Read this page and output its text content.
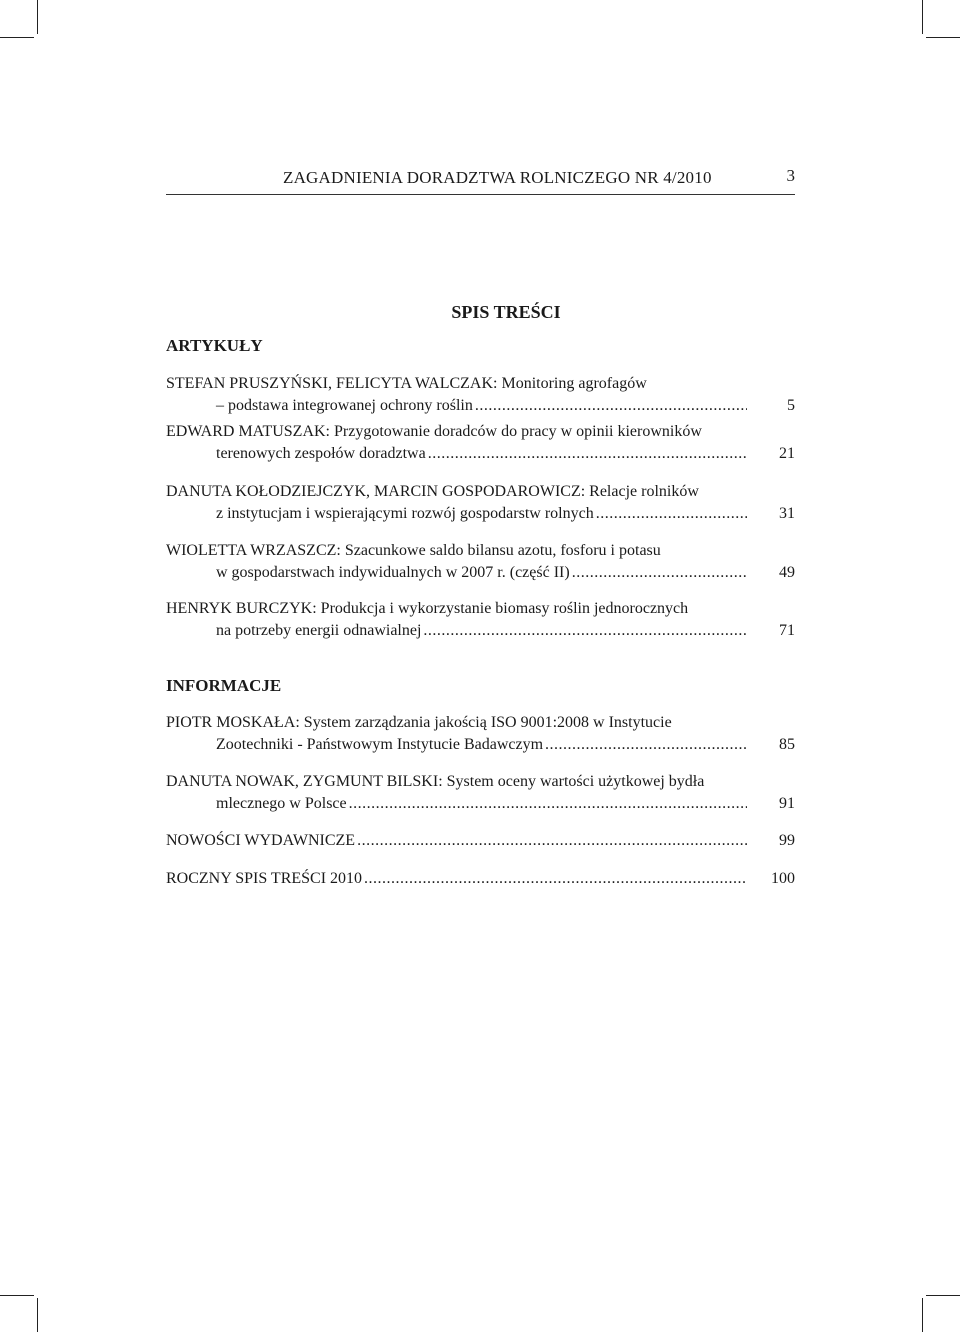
ZAGADNIENIA DORADZTWA ROLNICZEGO NR 4/2010	3
SPIS TREŚCI
ARTYKUŁY
STEFAN PRUSZYŃSKI, FELICYTA WALCZAK: Monitoring agrofagów
– podstawa integrowanej ochrony roślin .....	5
EDWARD MATUSZAK: Przygotowanie doradców do pracy w opinii kierowników
terenowych zespołów doradztwa .....	21
DANUTA KOŁODZIEJCZYK, MARCIN GOSPODAROWICZ: Relacje rolników
z instytucjam i wspierającymi rozwój gospodarstw rolnych .....	31
WIOLETTA WRZASZCZ: Szacunkowe saldo bilansu azotu, fosforu i potasu
w gospodarstwach indywidualnych w 2007 r. (część II) .....	49
HENRYK BURCZYK: Produkcja i wykorzystanie biomasy roślin jednorocznych
na potrzeby energii odnawialnej .....	71
INFORMACJE
PIOTR MOSKAŁA: System zarządzania jakością ISO 9001:2008 w Instytucie
Zootechniki - Państwowym Instytucie Badawczym .....	85
DANUTA NOWAK, ZYGMUNT BILSKI: System oceny wartości użytkowej bydła
mlecznego w Polsce .....	91
NOWOŚCI WYDAWNICZE .....	99
ROCZNY SPIS TREŚCI 2010 .....	100
